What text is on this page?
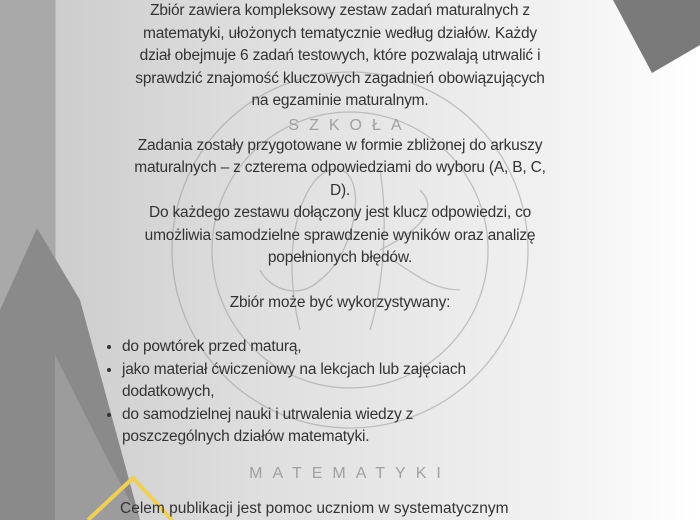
SZKOŁA
MATEMATYKI

Zbiór zawiera kompleksowy zestaw zadań maturalnych z
matematyki, ułożonych tematycznie według działów. Każdy
dział obejmuje 6 zadań testowych, które pozwalają utrwalić i
sprawdzić znajomość kluczowych zagadnień obowiązujących
na egzaminie maturalnym.

Zadania zostały przygotowane w formie zbliżonej do arkuszy
maturalnych – z czterema odpowiedziami do wyboru (A, B, C,
D).

Do każdego zestawu dołączony jest klucz odpowiedzi, co
umożliwia samodzielne sprawdzenie wyników oraz analizę
popełnionych błędów.

Zbiór może być wykorzystywany:

• do powtórek przed maturą,
• jako materiał ćwiczeniowy na lekcjach lub zajęciach dodatkowych,
• do samodzielnej nauki i utrwalenia wiedzy z poszczególnych działów matematyki.
Celem publikacji jest pomoc uczniom w systematycznym
